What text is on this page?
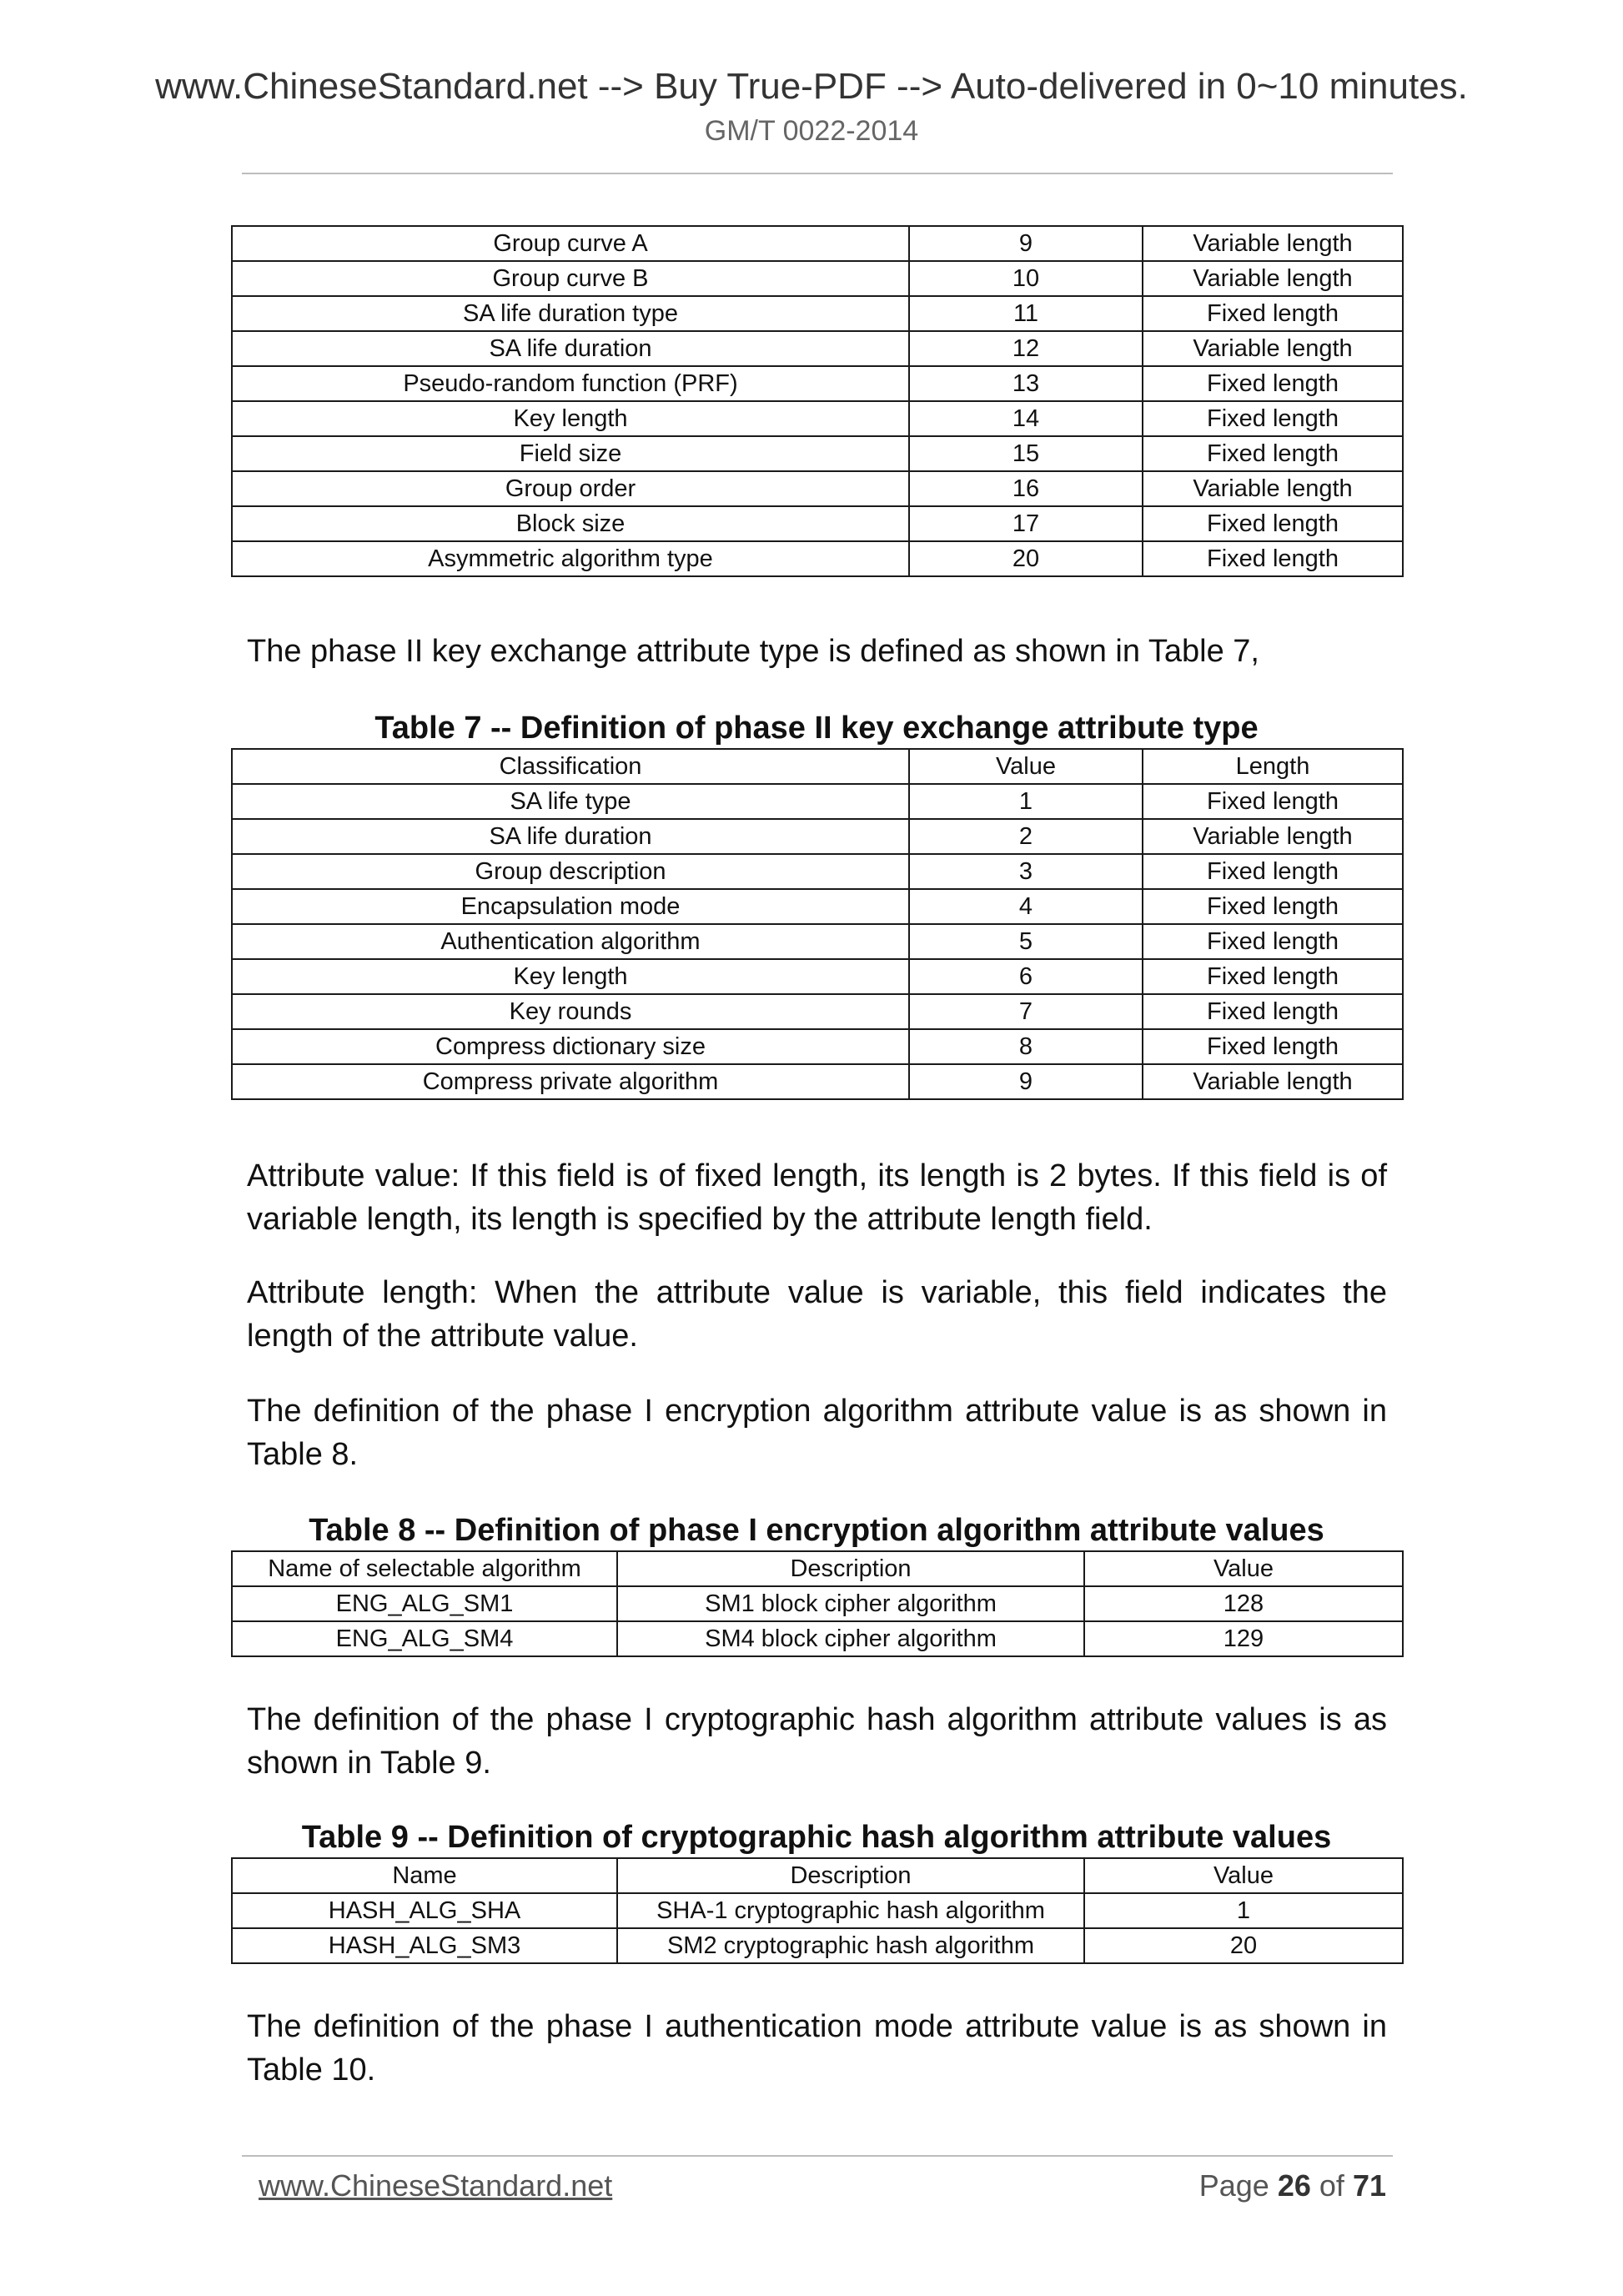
www.ChineseStandard.net --> Buy True-PDF --> Auto-delivered in 0~10 minutes.
GM/T 0022-2014
Group curve A	9	Variable length
Group curve B	10	Variable length
SA life duration type	11	Fixed length
SA life duration	12	Variable length
Pseudo-random function (PRF)	13	Fixed length
Key length	14	Fixed length
Field size	15	Fixed length
Group order	16	Variable length
Block size	17	Fixed length
Asymmetric algorithm type	20	Fixed length

The phase II key exchange attribute type is defined as shown in Table 7,

Table 7 -- Definition of phase II key exchange attribute type

Classification	Value	Length
SA life type	1	Fixed length
SA life duration	2	Variable length
Group description	3	Fixed length
Encapsulation mode	4	Fixed length
Authentication algorithm	5	Fixed length
Key length	6	Fixed length
Key rounds	7	Fixed length
Compress dictionary size	8	Fixed length
Compress private algorithm	9	Variable length

Attribute value: If this field is of fixed length, its length is 2 bytes. If this field is of variable length, its length is specified by the attribute length field.

Attribute length: When the attribute value is variable, this field indicates the length of the attribute value.

The definition of the phase I encryption algorithm attribute value is as shown in Table 8.

Table 8 -- Definition of phase I encryption algorithm attribute values

Name of selectable algorithm	Description	Value
ENG_ALG_SM1	SM1 block cipher algorithm	128
ENG_ALG_SM4	SM4 block cipher algorithm	129

The definition of the phase I cryptographic hash algorithm attribute values is as shown in Table 9.

Table 9 -- Definition of cryptographic hash algorithm attribute values

Name	Description	Value
HASH_ALG_SHA	SHA-1 cryptographic hash algorithm	1
HASH_ALG_SM3	SM2 cryptographic hash algorithm	20

The definition of the phase I authentication mode attribute value is as shown in Table 10.

www.ChineseStandard.net	Page 26 of 71
